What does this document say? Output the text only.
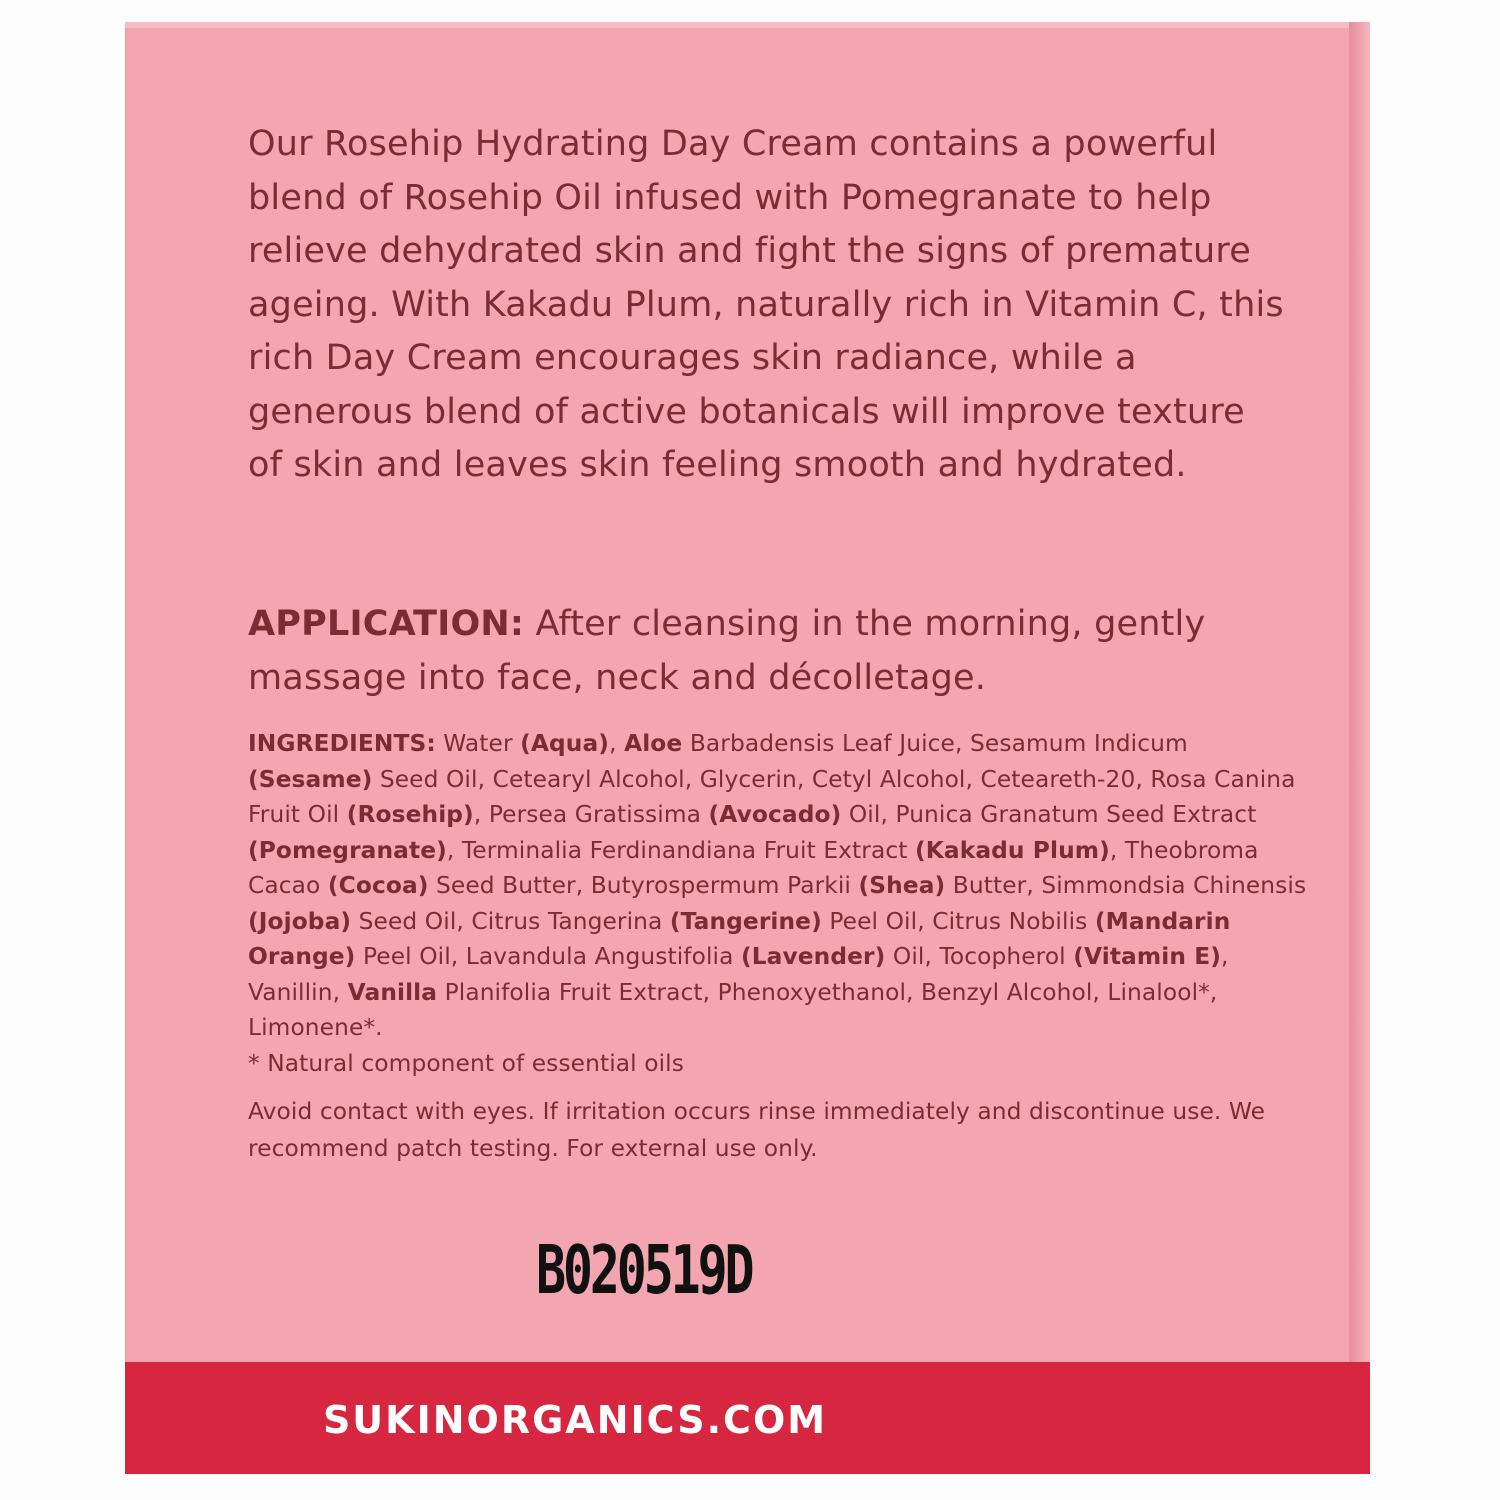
Our Rosehip Hydrating Day Cream contains a powerful blend of Rosehip Oil infused with Pomegranate to help relieve dehydrated skin and fight the signs of premature ageing. With Kakadu Plum, naturally rich in Vitamin C, this rich Day Cream encourages skin radiance, while a generous blend of active botanicals will improve texture of skin and leaves skin feeling smooth and hydrated.

APPLICATION: After cleansing in the morning, gently massage into face, neck and décolletage.

INGREDIENTS: Water (Aqua), Aloe Barbadensis Leaf Juice, Sesamum Indicum (Sesame) Seed Oil, Cetearyl Alcohol, Glycerin, Cetyl Alcohol, Ceteareth-20, Rosa Canina Fruit Oil (Rosehip), Persea Gratissima (Avocado) Oil, Punica Granatum Seed Extract (Pomegranate), Terminalia Ferdinandiana Fruit Extract (Kakadu Plum), Theobroma Cacao (Cocoa) Seed Butter, Butyrospermum Parkii (Shea) Butter, Simmondsia Chinensis (Jojoba) Seed Oil, Citrus Tangerina (Tangerine) Peel Oil, Citrus Nobilis (Mandarin Orange) Peel Oil, Lavandula Angustifolia (Lavender) Oil, Tocopherol (Vitamin E), Vanillin, Vanilla Planifolia Fruit Extract, Phenoxyethanol, Benzyl Alcohol, Linalool*, Limonene*.
* Natural component of essential oils

Avoid contact with eyes. If irritation occurs rinse immediately and discontinue use. We recommend patch testing. For external use only.

B020519D
SUKINORGANICS.COM
